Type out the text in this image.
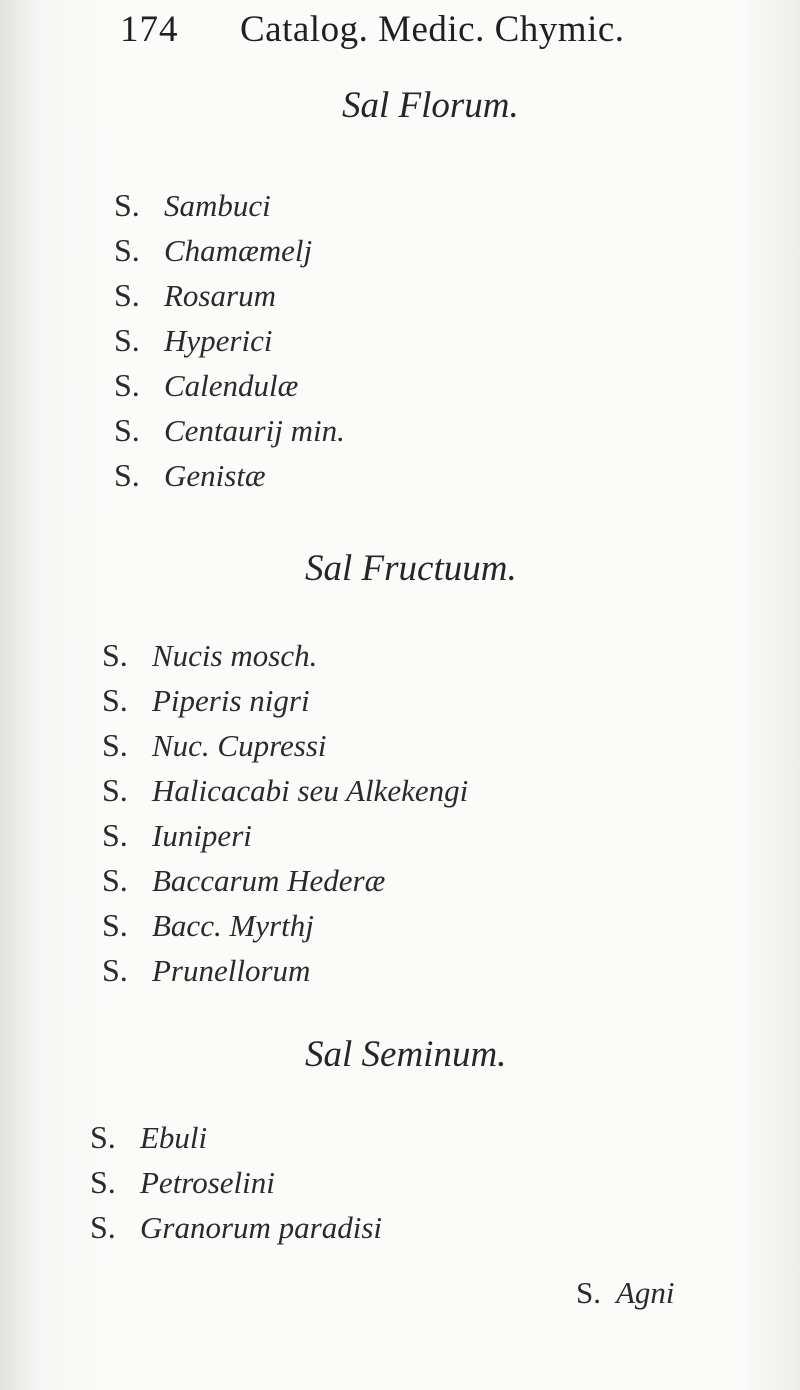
174 Catalog. Medic. Chymic.
Sal Florum.
S. Sambuci
S. Chamæmelj
S. Rosarum
S. Hyperici
S. Calendulæ
S. Centaurij min.
S. Genistæ
Sal Fructuum.
S. Nucis mosch.
S. Piperis nigri
S. Nuc. Cupressi
S. Halicacabi seu Alkekengi
S. Iuniperi
S. Baccarum Hederæ
S. Bacc. Myrthj
S. Prunellorum
Sal Seminum.
S. Ebuli
S. Petroselini
S. Granorum paradisi
S. Agni
